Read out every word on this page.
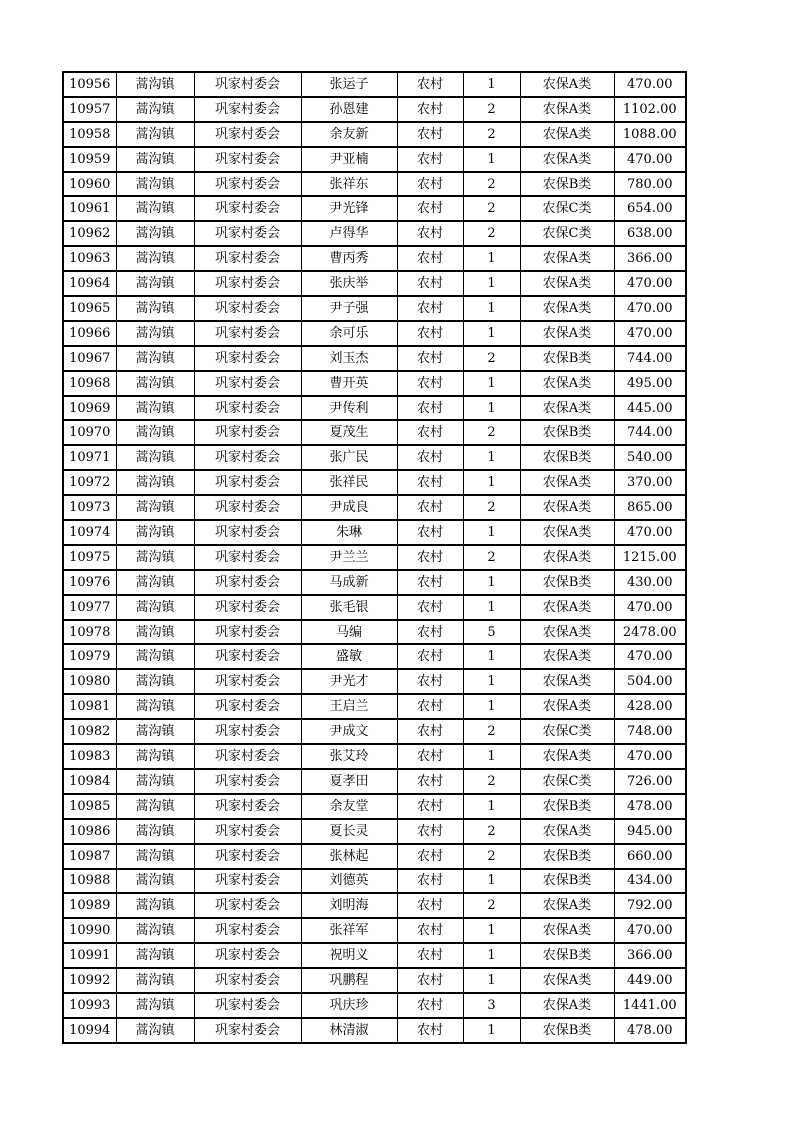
10956	蒿沟镇	巩家村委会	张运子	农村	1	农保A类	470.00
10957	蒿沟镇	巩家村委会	孙恩建	农村	2	农保A类	1102.00
10958	蒿沟镇	巩家村委会	余友新	农村	2	农保A类	1088.00
10959	蒿沟镇	巩家村委会	尹亚楠	农村	1	农保A类	470.00
10960	蒿沟镇	巩家村委会	张祥东	农村	2	农保B类	780.00
10961	蒿沟镇	巩家村委会	尹光锋	农村	2	农保C类	654.00
10962	蒿沟镇	巩家村委会	卢得华	农村	2	农保C类	638.00
10963	蒿沟镇	巩家村委会	曹丙秀	农村	1	农保A类	366.00
10964	蒿沟镇	巩家村委会	张庆举	农村	1	农保A类	470.00
10965	蒿沟镇	巩家村委会	尹子强	农村	1	农保A类	470.00
10966	蒿沟镇	巩家村委会	余可乐	农村	1	农保A类	470.00
10967	蒿沟镇	巩家村委会	刘玉杰	农村	2	农保B类	744.00
10968	蒿沟镇	巩家村委会	曹开英	农村	1	农保A类	495.00
10969	蒿沟镇	巩家村委会	尹传利	农村	1	农保A类	445.00
10970	蒿沟镇	巩家村委会	夏茂生	农村	2	农保B类	744.00
10971	蒿沟镇	巩家村委会	张广民	农村	1	农保B类	540.00
10972	蒿沟镇	巩家村委会	张祥民	农村	1	农保A类	370.00
10973	蒿沟镇	巩家村委会	尹成良	农村	2	农保A类	865.00
10974	蒿沟镇	巩家村委会	朱琳	农村	1	农保A类	470.00
10975	蒿沟镇	巩家村委会	尹兰兰	农村	2	农保A类	1215.00
10976	蒿沟镇	巩家村委会	马成新	农村	1	农保B类	430.00
10977	蒿沟镇	巩家村委会	张毛银	农村	1	农保A类	470.00
10978	蒿沟镇	巩家村委会	马编	农村	5	农保A类	2478.00
10979	蒿沟镇	巩家村委会	盛敏	农村	1	农保A类	470.00
10980	蒿沟镇	巩家村委会	尹光才	农村	1	农保A类	504.00
10981	蒿沟镇	巩家村委会	王启兰	农村	1	农保A类	428.00
10982	蒿沟镇	巩家村委会	尹成文	农村	2	农保C类	748.00
10983	蒿沟镇	巩家村委会	张艾玲	农村	1	农保A类	470.00
10984	蒿沟镇	巩家村委会	夏孝田	农村	2	农保C类	726.00
10985	蒿沟镇	巩家村委会	余友堂	农村	1	农保B类	478.00
10986	蒿沟镇	巩家村委会	夏长灵	农村	2	农保A类	945.00
10987	蒿沟镇	巩家村委会	张林起	农村	2	农保B类	660.00
10988	蒿沟镇	巩家村委会	刘德英	农村	1	农保B类	434.00
10989	蒿沟镇	巩家村委会	刘明海	农村	2	农保A类	792.00
10990	蒿沟镇	巩家村委会	张祥军	农村	1	农保A类	470.00
10991	蒿沟镇	巩家村委会	祝明义	农村	1	农保B类	366.00
10992	蒿沟镇	巩家村委会	巩鹏程	农村	1	农保A类	449.00
10993	蒿沟镇	巩家村委会	巩庆珍	农村	3	农保A类	1441.00
10994	蒿沟镇	巩家村委会	林清淑	农村	1	农保B类	478.00
